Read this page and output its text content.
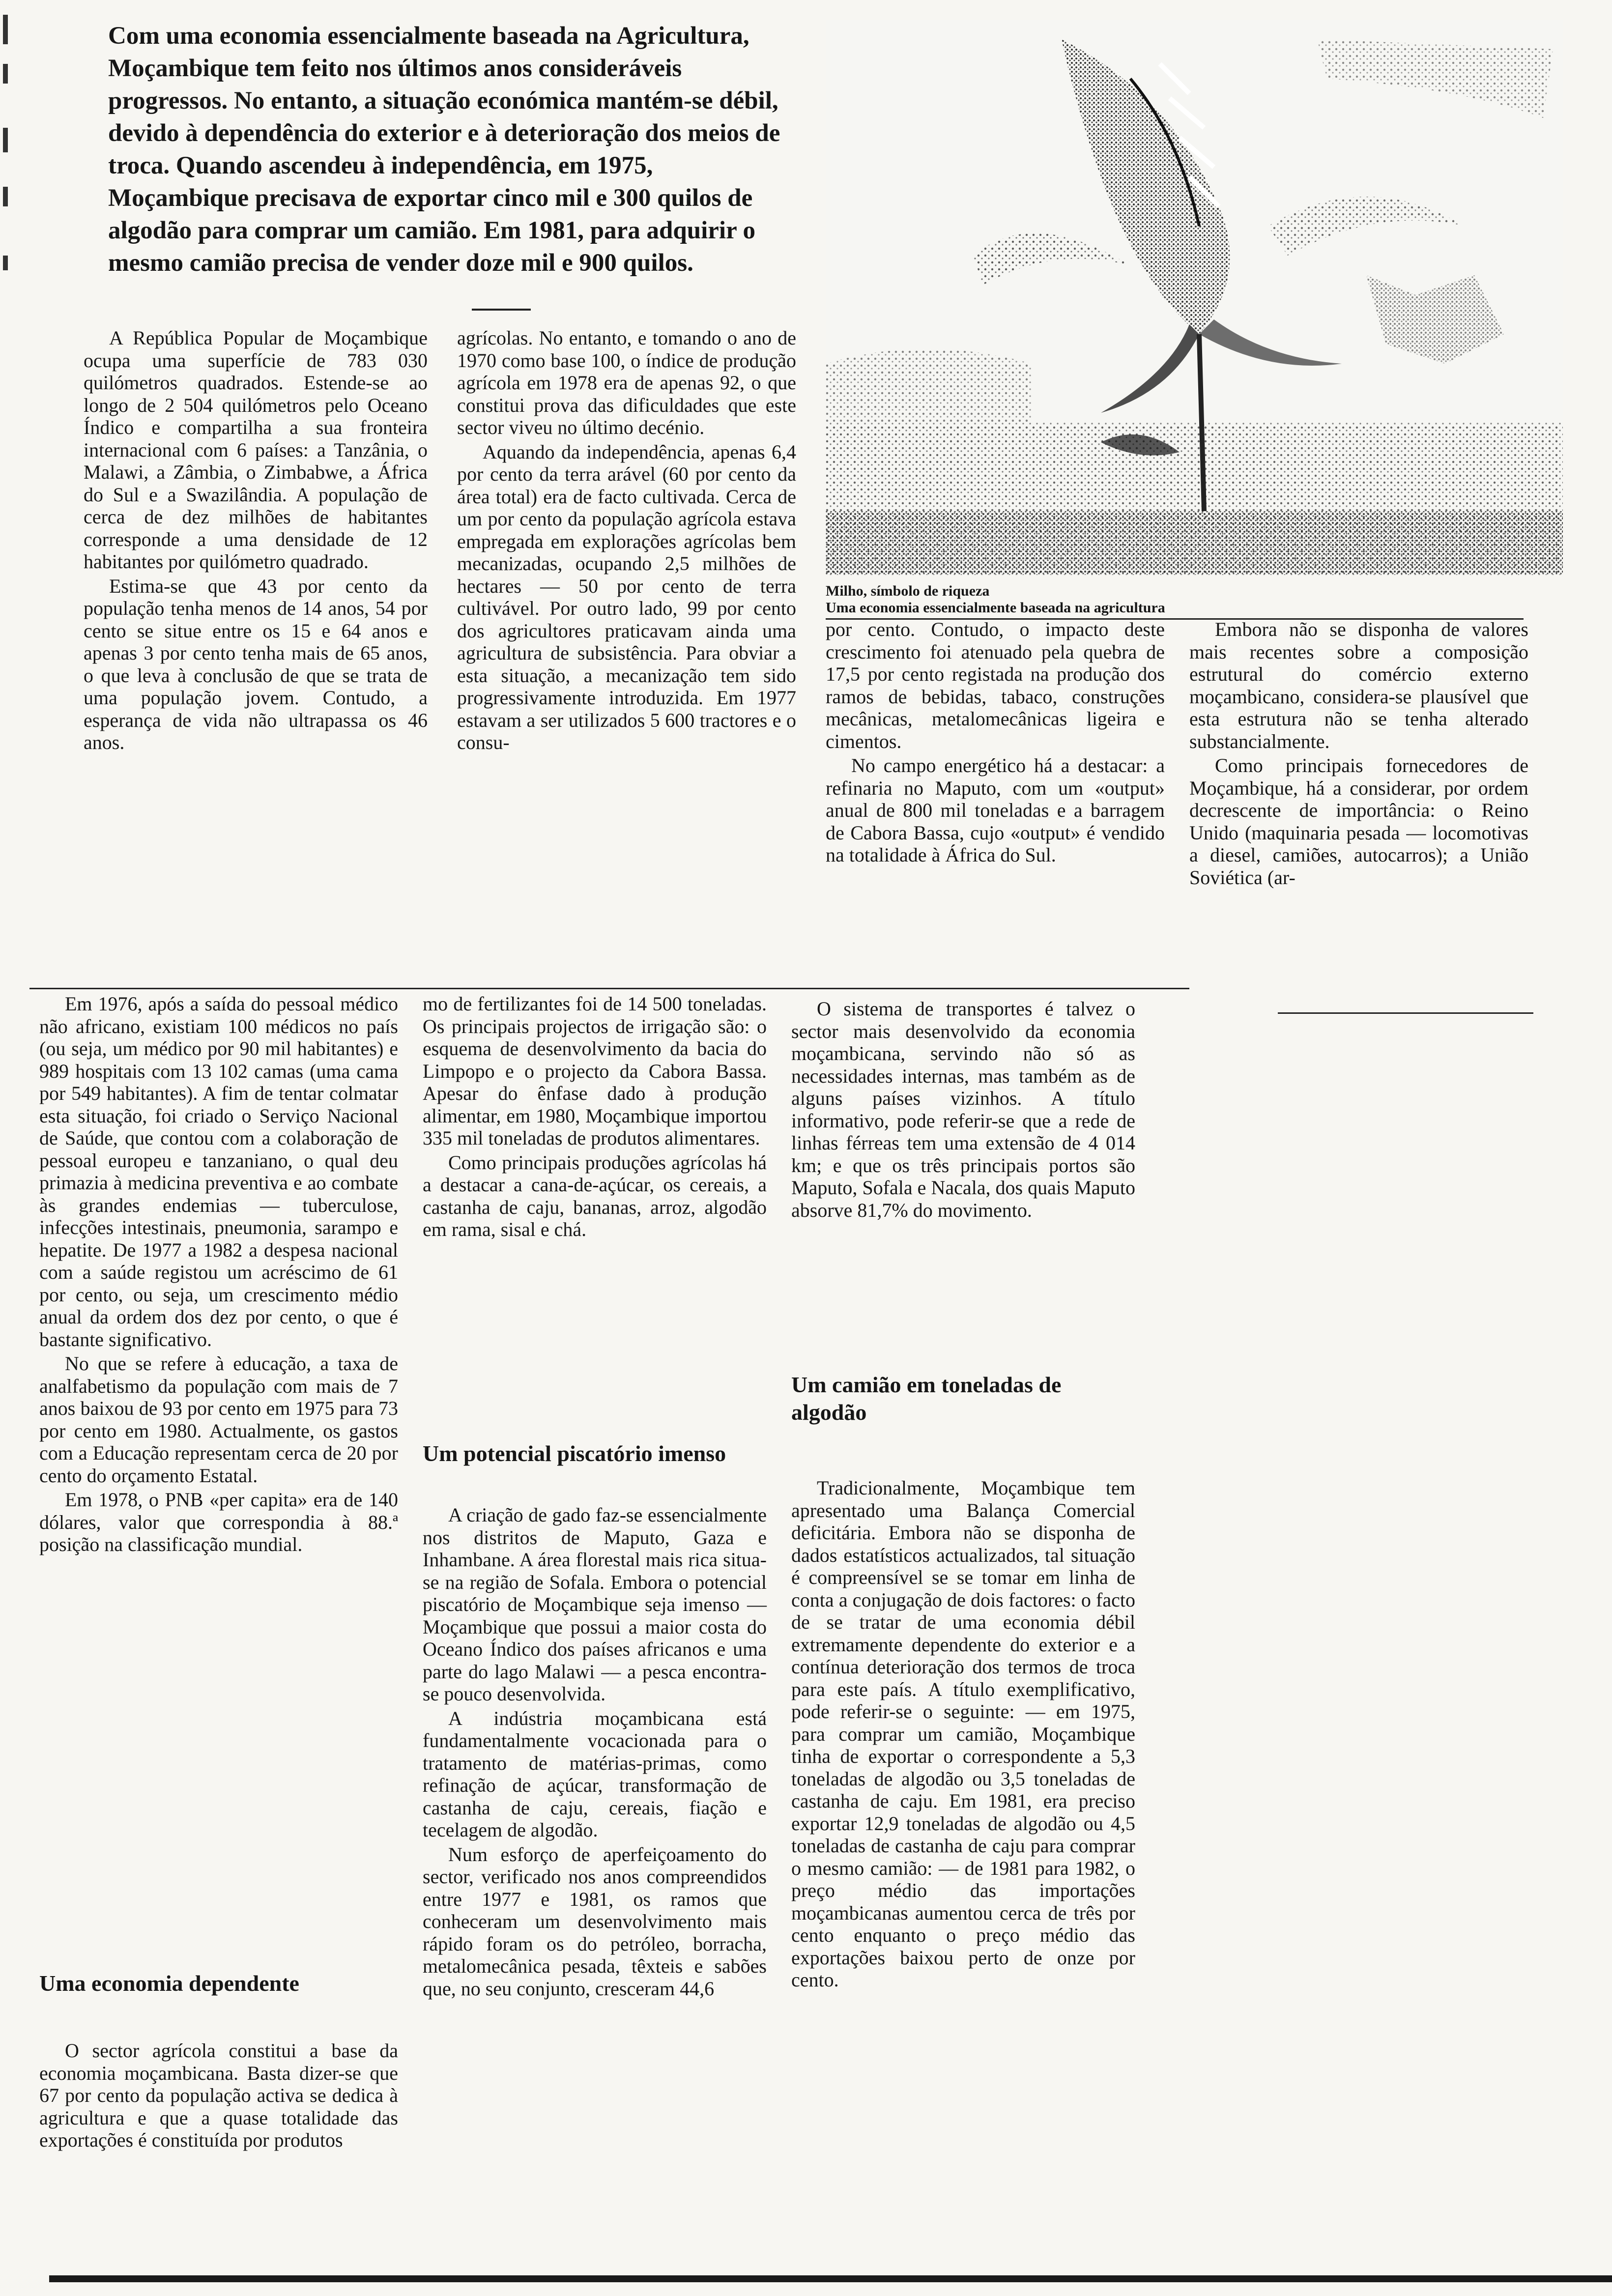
Com uma economia essencialmente baseada na Agricultura, Moçambique tem feito nos últimos anos consideráveis progressos. No entanto, a situação económica mantém-se débil, devido à dependência do exterior e à deterioração dos meios de troca. Quando ascendeu à independência, em 1975, Moçambique precisava de exportar cinco mil e 300 quilos de algodão para comprar um camião. Em 1981, para adquirir o mesmo camião precisa de vender doze mil e 900 quilos.

Milho, símbolo de riqueza
Uma economia essencialmente baseada na agricultura

A República Popular de Moçambique ocupa uma superfície de 783 030 quilómetros quadrados. Estende-se ao longo de 2 504 quilómetros pelo Oceano Índico e compartilha a sua fronteira internacional com 6 países: a Tanzânia, o Malawi, a Zâmbia, o Zimbabwe, a África do Sul e a Swazilândia. A população de cerca de dez milhões de habitantes corresponde a uma densidade de 12 habitantes por quilómetro quadrado.

Estima-se que 43 por cento da população tenha menos de 14 anos, 54 por cento se situe entre os 15 e 64 anos e apenas 3 por cento tenha mais de 65 anos, o que leva à conclusão de que se trata de uma população jovem. Contudo, a esperança de vida não ultrapassa os 46 anos.

agrícolas. No entanto, e tomando o ano de 1970 como base 100, o índice de produção agrícola em 1978 era de apenas 92, o que constitui prova das dificuldades que este sector viveu no último decénio.

Aquando da independência, apenas 6,4 por cento da terra arável (60 por cento da área total) era de facto cultivada. Cerca de um por cento da população agrícola estava empregada em explorações agrícolas bem mecanizadas, ocupando 2,5 milhões de hectares — 50 por cento de terra cultivável. Por outro lado, 99 por cento dos agricultores praticavam ainda uma agricultura de subsistência. Para obviar a esta situação, a mecanização tem sido progressivamente introduzida. Em 1977 estavam a ser utilizados 5 600 tractores e o consu-

por cento. Contudo, o impacto deste crescimento foi atenuado pela quebra de 17,5 por cento registada na produção dos ramos de bebidas, tabaco, construções mecânicas, metalomecânicas ligeira e cimentos.

No campo energético há a destacar: a refinaria no Maputo, com um «output» anual de 800 mil toneladas e a barragem de Cabora Bassa, cujo «output» é vendido na totalidade à África do Sul.

Embora não se disponha de valores mais recentes sobre a composição estrutural do comércio externo moçambicano, considera-se plausível que esta estrutura não se tenha alterado substancialmente.

Como principais fornecedores de Moçambique, há a considerar, por ordem decrescente de importância: o Reino Unido (maquinaria pesada — locomotivas a diesel, camiões, autocarros); a União Soviética (ar-

Em 1976, após a saída do pessoal médico não africano, existiam 100 médicos no país (ou seja, um médico por 90 mil habitantes) e 989 hospitais com 13 102 camas (uma cama por 549 habitantes). A fim de tentar colmatar esta situação, foi criado o Serviço Nacional de Saúde, que contou com a colaboração de pessoal europeu e tanzaniano, o qual deu primazia à medicina preventiva e ao combate às grandes endemias — tuberculose, infecções intestinais, pneumonia, sarampo e hepatite. De 1977 a 1982 a despesa nacional com a saúde registou um acréscimo de 61 por cento, ou seja, um crescimento médio anual da ordem dos dez por cento, o que é bastante significativo.

No que se refere à educação, a taxa de analfabetismo da população com mais de 7 anos baixou de 93 por cento em 1975 para 73 por cento em 1980. Actualmente, os gastos com a Educação representam cerca de 20 por cento do orçamento Estatal.

Em 1978, o PNB «per capita» era de 140 dólares, valor que correspondia à 88.ª posição na classificação mundial.

Uma economia dependente

O sector agrícola constitui a base da economia moçambicana. Basta dizer-se que 67 por cento da população activa se dedica à agricultura e que a quase totalidade das exportações é constituída por produtos

mo de fertilizantes foi de 14 500 toneladas. Os principais projectos de irrigação são: o esquema de desenvolvimento da bacia do Limpopo e o projecto da Cabora Bassa. Apesar do ênfase dado à produção alimentar, em 1980, Moçambique importou 335 mil toneladas de produtos alimentares.

Como principais produções agrícolas há a destacar a cana-de-açúcar, os cereais, a castanha de caju, bananas, arroz, algodão em rama, sisal e chá.

Um potencial piscatório imenso

A criação de gado faz-se essencialmente nos distritos de Maputo, Gaza e Inhambane. A área florestal mais rica situa-se na região de Sofala. Embora o potencial piscatório de Moçambique seja imenso — Moçambique que possui a maior costa do Oceano Índico dos países africanos e uma parte do lago Malawi — a pesca encontra-se pouco desenvolvida.

A indústria moçambicana está fundamentalmente vocacionada para o tratamento de matérias-primas, como refinação de açúcar, transformação de castanha de caju, cereais, fiação e tecelagem de algodão.

Num esforço de aperfeiçoamento do sector, verificado nos anos compreendidos entre 1977 e 1981, os ramos que conheceram um desenvolvimento mais rápido foram os do petróleo, borracha, metalomecânica pesada, têxteis e sabões que, no seu conjunto, cresceram 44,6

O sistema de transportes é talvez o sector mais desenvolvido da economia moçambicana, servindo não só as necessidades internas, mas também as de alguns países vizinhos. A título informativo, pode referir-se que a rede de linhas férreas tem uma extensão de 4 014 km; e que os três principais portos são Maputo, Sofala e Nacala, dos quais Maputo absorve 81,7% do movimento.

Um camião em toneladas de algodão

Tradicionalmente, Moçambique tem apresentado uma Balança Comercial deficitária. Embora não se disponha de dados estatísticos actualizados, tal situação é compreensível se se tomar em linha de conta a conjugação de dois factores: o facto de se tratar de uma economia débil extremamente dependente do exterior e a contínua deterioração dos termos de troca para este país. A título exemplificativo, pode referir-se o seguinte: — em 1975, para comprar um camião, Moçambique tinha de exportar o correspondente a 5,3 toneladas de algodão ou 3,5 toneladas de castanha de caju. Em 1981, era preciso exportar 12,9 toneladas de algodão ou 4,5 toneladas de castanha de caju para comprar o mesmo camião: — de 1981 para 1982, o preço médio das importações moçambicanas aumentou cerca de três por cento enquanto o preço médio das exportações baixou perto de onze por cento.
